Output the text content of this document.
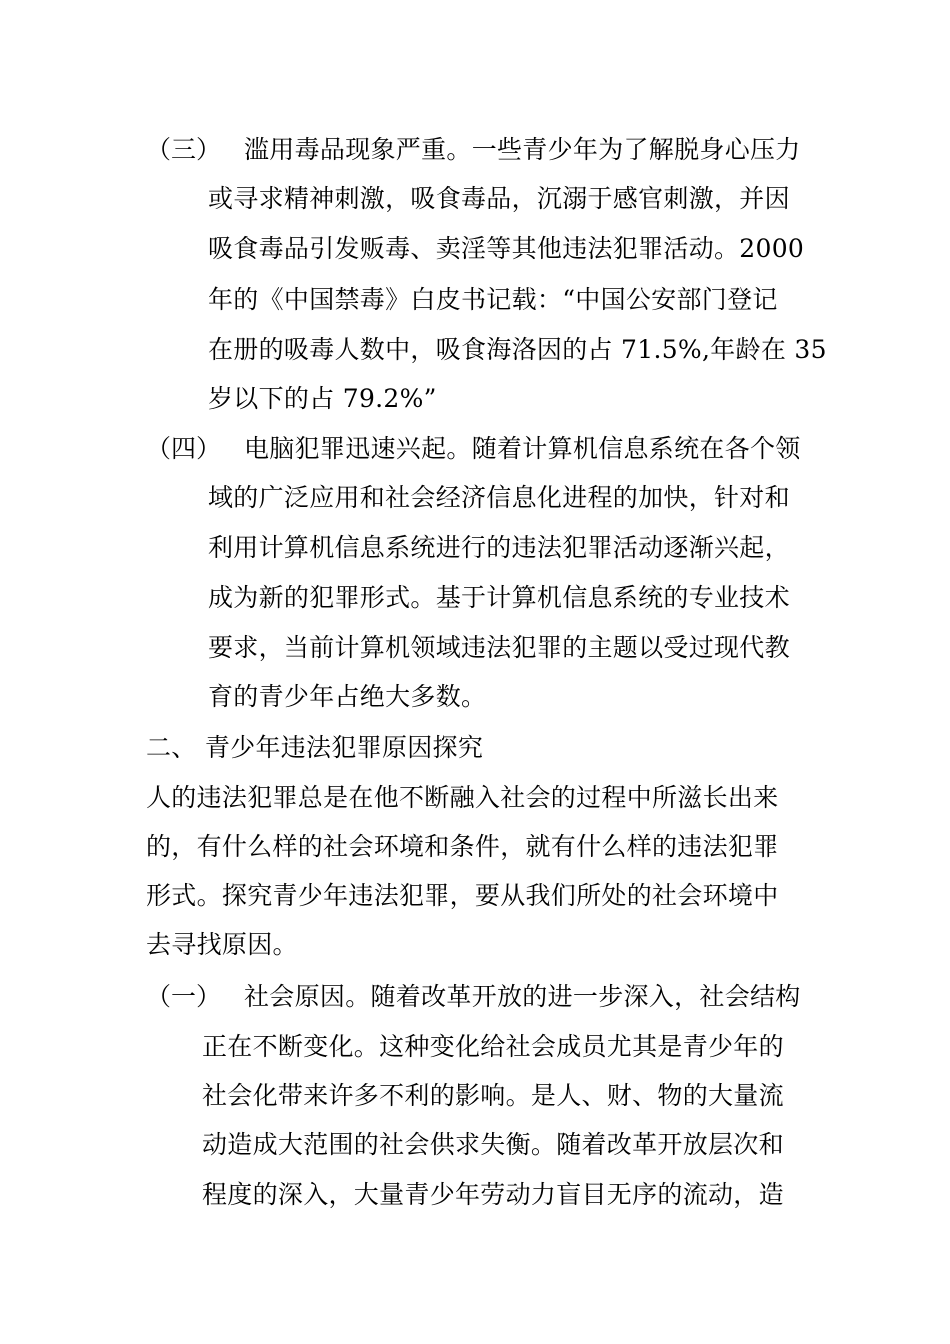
（三） 滥用毒品现象严重。一些青少年为了解脱身心压力
或寻求精神刺激，吸食毒品，沉溺于感官刺激，并因
吸食毒品引发贩毒、卖淫等其他违法犯罪活动。2000
年的《中国禁毒》白皮书记载：“中国公安部门登记
在册的吸毒人数中，吸食海洛因的占 71.5%,年龄在 35
岁以下的占 79.2%”
（四） 电脑犯罪迅速兴起。随着计算机信息系统在各个领
域的广泛应用和社会经济信息化进程的加快，针对和
利用计算机信息系统进行的违法犯罪活动逐渐兴起，
成为新的犯罪形式。基于计算机信息系统的专业技术
要求，当前计算机领域违法犯罪的主题以受过现代教
育的青少年占绝大多数。
二、 青少年违法犯罪原因探究
人的违法犯罪总是在他不断融入社会的过程中所滋长出来
的，有什么样的社会环境和条件，就有什么样的违法犯罪
形式。探究青少年违法犯罪，要从我们所处的社会环境中
去寻找原因。
（一） 社会原因。随着改革开放的进一步深入，社会结构
正在不断变化。这种变化给社会成员尤其是青少年的
社会化带来许多不利的影响。是人、财、物的大量流
动造成大范围的社会供求失衡。随着改革开放层次和
程度的深入，大量青少年劳动力盲目无序的流动，造
